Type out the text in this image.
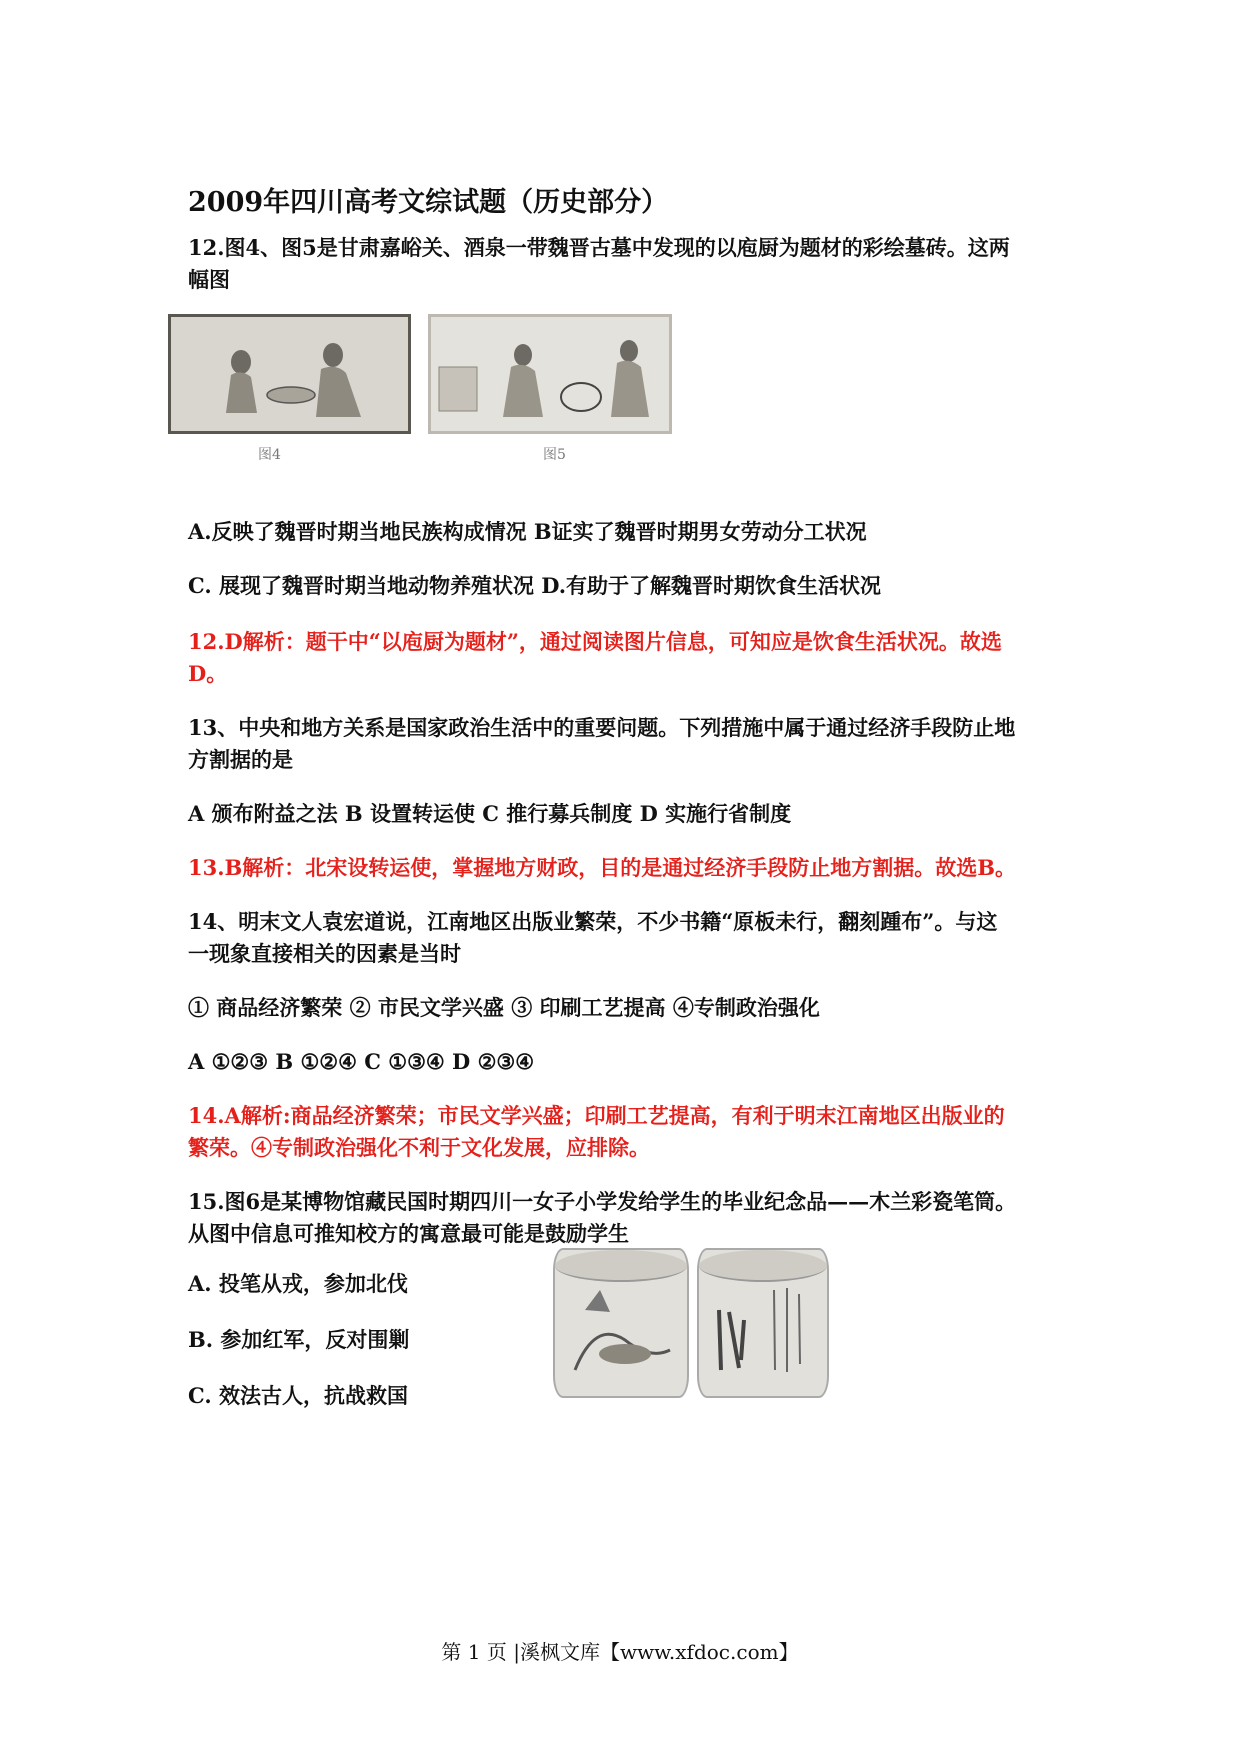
2009年四川高考文综试题（历史部分）
12.图4、图5是甘肃嘉峪关、酒泉一带魏晋古墓中发现的以庖厨为题材的彩绘墓砖。这两
幅图
图4	图5
A.反映了魏晋时期当地民族构成情况 B证实了魏晋时期男女劳动分工状况
C. 展现了魏晋时期当地动物养殖状况 D.有助于了解魏晋时期饮食生活状况
12.D解析：题干中“以庖厨为题材”，通过阅读图片信息，可知应是饮食生活状况。故选
D。
13、中央和地方关系是国家政治生活中的重要问题。下列措施中属于通过经济手段防止地
方割据的是
A 颁布附益之法 B 设置转运使 C 推行募兵制度 D 实施行省制度
13.B解析：北宋设转运使，掌握地方财政，目的是通过经济手段防止地方割据。故选B。
14、明末文人袁宏道说，江南地区出版业繁荣，不少书籍“原板未行，翻刻踵布”。与这
一现象直接相关的因素是当时
① 商品经济繁荣 ② 市民文学兴盛 ③ 印刷工艺提高 ④专制政治强化
A ①②③ B ①②④ C ①③④ D ②③④
14.A解析:商品经济繁荣；市民文学兴盛；印刷工艺提高，有利于明末江南地区出版业的
繁荣。④专制政治强化不利于文化发展，应排除。
15.图6是某博物馆藏民国时期四川一女子小学发给学生的毕业纪念品——木兰彩瓷笔筒。
从图中信息可推知校方的寓意最可能是鼓励学生
A. 投笔从戎，参加北伐
B. 参加红军，反对围剿
C. 效法古人，抗战救国
第 1 页 |溪枫文库【www.xfdoc.com】
